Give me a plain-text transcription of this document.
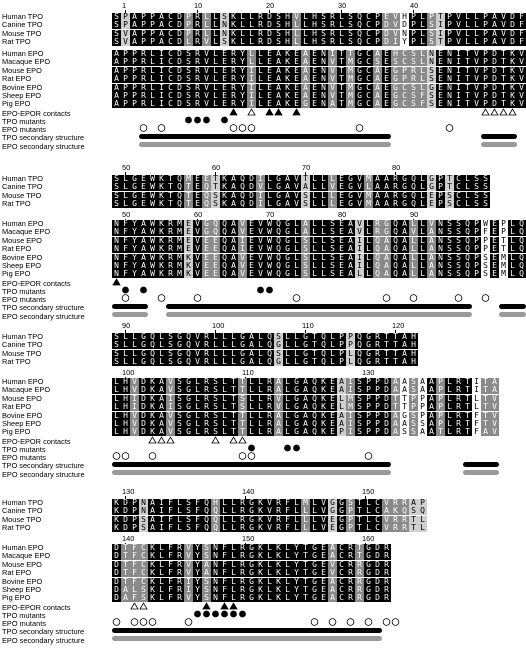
1	10	20	30	40
Human TPO	S P A P P A C D P R L L S K L L R D S H V L H S R L S Q C P E V H P L P T P V L L P A V D F
Canine TPO	S P A P P A C D P R L L N K L L R D S H L L H S R L S Q C P D V D P L S I P V L L P A V D F
Mouse TPO	S V A P P A C D P R L L N K L L R D S H L L H S R L S Q C P D V N P L S I P V L L P A V D F
Rat TPO	S V A P P A C D L R V L S K L L R D S H L L H S R L S Q C P D I Y P L S T P V L L P A V D F
Human EPO	A P P R L I C D S R V L E R Y L L E A K E A E N I T T G C A E H C S L N E N I T V P D T K V
Macaque EPO	A P P R L I C D S R V L E R Y L L E A K E A E N V T M G C S E S C S L N E N I T V P D T K V
Mouse EPO	A P P R L I C D S R V L E R Y I L E A K E A E N V T M G C A E G P R L S E N I T V P D T K V
Rat EPO	A P P R L I C D S R V L E R Y I L E A K E A E N V T M G C A E G P R L S E N I T V P D T K V
Bovine EPO	A P P R L I C D S R V L E R Y I L E A K E A E N V T M G C A E G C S L G E N I T V P D T K V
Sheep EPO	A P P R L I C D S R V L E R Y I L E A K E A E N V T M G C A E G C S F S E N I T V P D T K V
Pig EPO	A P P R L I C D S R V L E R Y I L E A K E G E N A T M G C A E G C S F S E N I T V P D T K V
EPO-EPOR contacts
TPO mutants
EPO mutants
TPO secondary structure
EPO secondary structure
50	60	70	80
Human TPO	S L G E W K T Q M E E T K A Q D I L G A V T L L L E G V M A A R G Q L G P T C L S S
Canine TPO	S L G E W K T Q T E Q T K A Q D V L G A V A L L V E G V L A A R G Q L G P T C L S S
Mouse TPO	S L G E W K T Q T E Q S K A Q D I L G A V S L L L E G V M A A R G Q L E P S C L S S
Rat TPO	S L G E W K T Q T E Q S K A Q D I L G A V S L L L E G V M A A R G Q L E P S C L S S
50	60	70	80	90
Human EPO	N F Y A W K R M E V G Q Q A V E V W Q G L A L L S E A V L R G Q A L L V N S S Q P W E P L Q
Macaque EPO	N F Y A W K R M E V G Q Q A V E V W Q G L A L L S E A V L R G Q A V L A N S S Q P F E P L Q
Mouse EPO	N F Y A W K R M E V E E Q A I E V W Q G L S L L S E A I L Q A Q A L L A N S S Q P P E T L Q
Rat EPO	N F Y A W K R M E V E E Q A I E V W Q G L S L L S E A I L Q A Q A L L A N S S Q P P E T L Q
Bovine EPO	N F Y A W K R M K V E E Q A V E V W Q G L S L L S E A I L Q A Q A L L A N S S Q P S E M L Q
Sheep EPO	N F Y A W K R M K V E E Q A V E V W Q G L S L L S E A I L Q A Q A L L A N S S Q P S E M L Q
Pig EPO	N F Y A W K R M K V E E Q A V E V W Q G L S L L S E A L L Q A Q A L L A N S S Q P S E M L Q
EPO-EPOR contacts
TPO mutants
EPO mutants
TPO secondary structure
EPO secondary structure
90	100	110	120
Human TPO	S L L G Q L S G Q V R L L L G A L Q S L L G T Q L P P Q G R T T A H
Canine TPO	S L L G Q L S G Q V R L L L G A L Q G L L G T Q L P P Q G R T T A H
Mouse TPO	S L L G Q L S G Q V R L L L G A L Q S L L G T Q L P L Q G R T T A H
Rat TPO	S L L G Q L S G Q V R L L L G A L Q G L L G T Q L P L Q G R T T A H
100	110	130
Human EPO	L H V D K A V S G L R S L T T L L R A L G A Q K E A I S P P D A A S A A P L R T I T A
Macaque EPO	L H V D K A V S G L R S L T T L L R A L G A Q K E A I S P P D A A S A A P L R T I T A
Mouse EPO	L H I D K A I S G L R S L T S L L R V L G A Q K E L M S P P D T T P P A P L R T L T V
Rat EPO	L H I D K A I S G L R S L T S L L R V L G A Q K E L M S P P D T T P P A P L R T L T V
Bovine EPO	L H V D K A V S G L R S L T T L L R A L G A Q K E A I S P P D A G S P A P L R T F T V
Sheep EPO	L H V D K A V S G L R S L T T L L R A L G A Q K E A I S P P D A A S S A P L R T F T V
Pig EPO	L H V D K A V S G L R S L T T L L R A L G A Q K E P I S P P D A S S A A T L R T F A V
EPO-EPOR contacts
TPO mutants
EPO mutants
TPO secondary structure
EPO secondary structure
130	140	150
Human TPO	K D P N A I F L S F Q H L L R G K V R F L M L V G G S T L C V R R A P
Canine TPO	K D P N A I F L S F Q Q L L R G K V R F L L L V G G P T L C A K Q S Q
Mouse TPO	K D P S A I F L S F Q Q L L R G K V R F L L L V E G P T L C V R R T L
Rat TPO	K D P S A I F L S F Q Q L L R G K V R F L L L V E G P T L C V R R T L
140	150	160
Human EPO	D T F C K L F R V Y S N F L R G K L K L Y T G E A C R T G D R
Macaque EPO	D T F C K L F R V Y S N F L R G K L K L Y T G E A C R T G D R
Mouse EPO	D T F C K L F R V Y A N F L R G K L K L Y T G E V C R R G D R
Rat EPO	D T F C K L F R V Y A N F L R G K L K L Y T G E V C R R G D R
Bovine EPO	D T F C K L F R I Y S N F L R G K L K L Y T G E A C R R G D R
Sheep EPO	D A L S K L F R I Y S N F L R G K L K L Y T G E A C R R G D R
Pig EPO	D A F S K L F R V Y S N F L R G K L K L Y T G E A C R R G D R
EPO-EPOR contacts
TPO mutants
EPO mutants
TPO secondary structure
EPO secondary structure
